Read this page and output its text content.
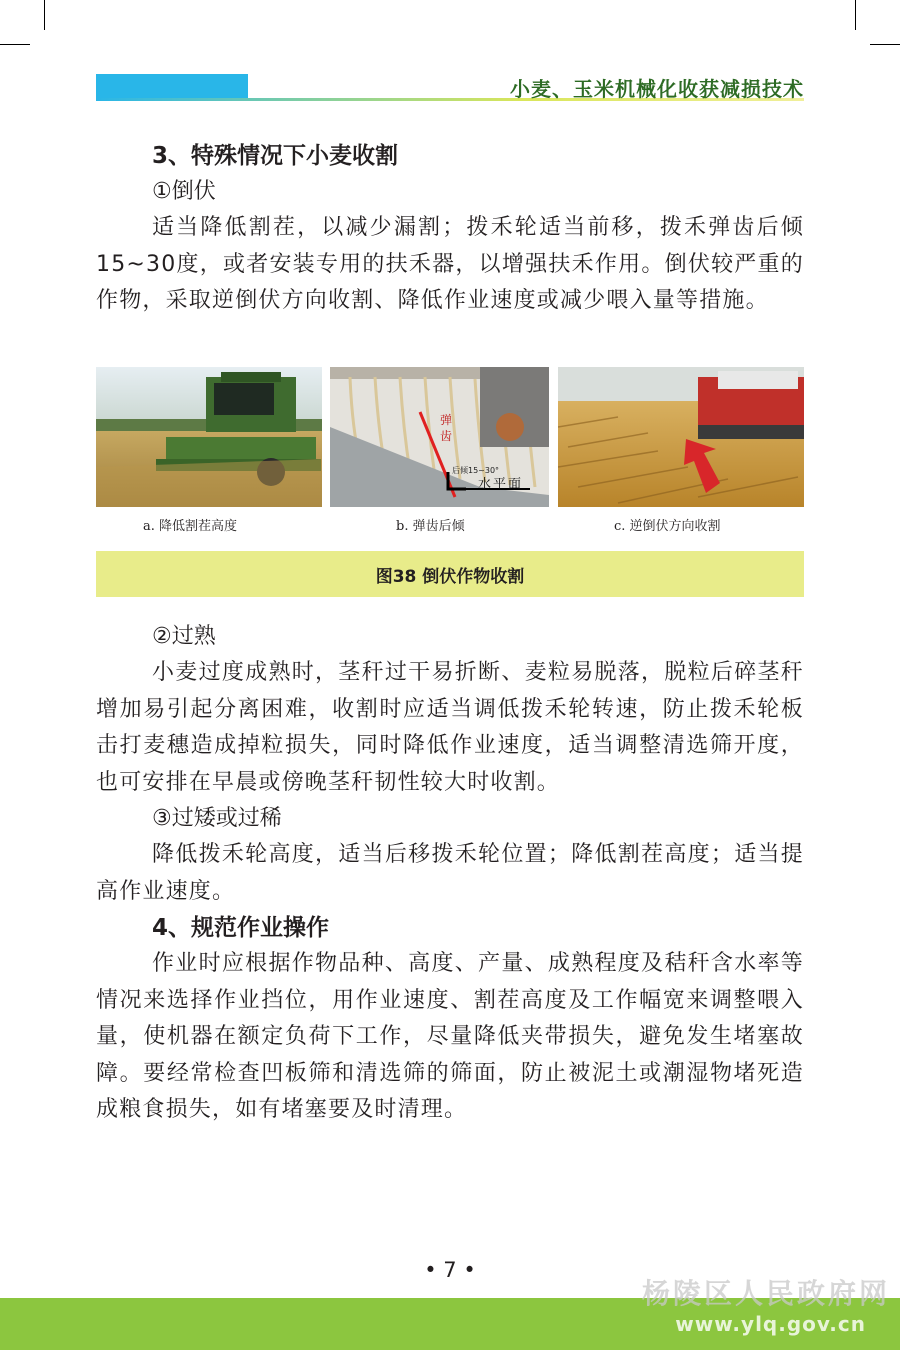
小麦、玉米机械化收获减损技术
3、特殊情况下小麦收割
①倒伏

适当降低割茬，以减少漏割；拨禾轮适当前移，拨禾弹齿后倾15~30度，或者安装专用的扶禾器，以增强扶禾作用。倒伏较严重的作物，采取逆倒伏方向收割、降低作业速度或减少喂入量等措施。

弹齿
后倾15~30°
水平面
a. 降低割茬高度	b. 弹齿后倾	c. 逆倒伏方向收割
图38 倒伏作物收割
②过熟

小麦过度成熟时，茎秆过干易折断、麦粒易脱落，脱粒后碎茎秆增加易引起分离困难，收割时应适当调低拨禾轮转速，防止拨禾轮板击打麦穗造成掉粒损失，同时降低作业速度，适当调整清选筛开度，也可安排在早晨或傍晚茎秆韧性较大时收割。

③过矮或过稀

降低拨禾轮高度，适当后移拨禾轮位置；降低割茬高度；适当提高作业速度。

4、规范作业操作

作业时应根据作物品种、高度、产量、成熟程度及秸秆含水率等情况来选择作业挡位，用作业速度、割茬高度及工作幅宽来调整喂入量，使机器在额定负荷下工作，尽量降低夹带损失，避免发生堵塞故障。要经常检查凹板筛和清选筛的筛面，防止被泥土或潮湿物堵死造成粮食损失，如有堵塞要及时清理。

• 7 •
杨陵区人民政府网
www.ylq.gov.cn
